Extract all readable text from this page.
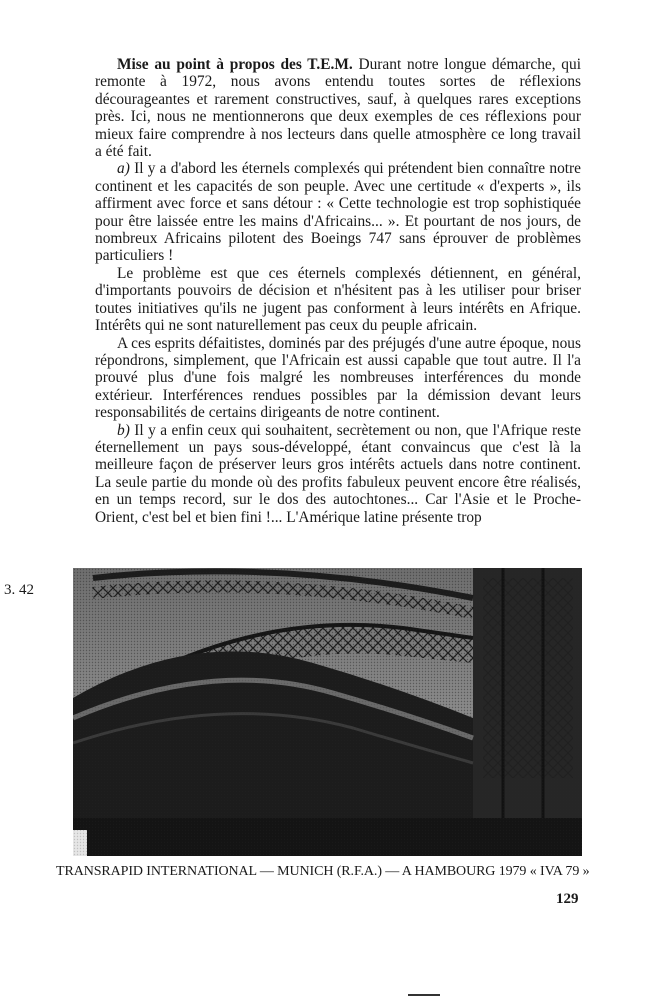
Mise au point à propos des T.E.M. Durant notre longue démarche, qui remonte à 1972, nous avons entendu toutes sortes de réflexions décourageantes et rarement constructives, sauf, à quelques rares exceptions près. Ici, nous ne mentionnerons que deux exemples de ces réflexions pour mieux faire comprendre à nos lecteurs dans quelle atmosphère ce long travail a été fait.

a) Il y a d'abord les éternels complexés qui prétendent bien connaître notre continent et les capacités de son peuple. Avec une certitude « d'experts », ils affirment avec force et sans détour : « Cette technologie est trop sophistiquée pour être laissée entre les mains d'Africains... ». Et pourtant de nos jours, de nombreux Africains pilotent des Boeings 747 sans éprouver de problèmes particuliers !

Le problème est que ces éternels complexés détiennent, en général, d'importants pouvoirs de décision et n'hésitent pas à les utiliser pour briser toutes initiatives qu'ils ne jugent pas conforment à leurs intérêts en Afrique. Intérêts qui ne sont naturellement pas ceux du peuple africain.

A ces esprits défaitistes, dominés par des préjugés d'une autre époque, nous répondrons, simplement, que l'Africain est aussi capable que tout autre. Il l'a prouvé plus d'une fois malgré les nombreuses interférences du monde extérieur. Interférences rendues possibles par la démission devant leurs responsabilités de certains dirigeants de notre continent.

b) Il y a enfin ceux qui souhaitent, secrètement ou non, que l'Afrique reste éternellement un pays sous-développé, étant convaincus que c'est là la meilleure façon de préserver leurs gros intérêts actuels dans notre continent. La seule partie du monde où des profits fabuleux peuvent encore être réalisés, en un temps record, sur le dos des autochtones... Car l'Asie et le Proche-Orient, c'est bel et bien fini !... L'Amérique latine présente trop

3. 42
TRANSRAPID INTERNATIONAL — MUNICH (R.F.A.) — A HAMBOURG 1979 « IVA 79 »
129
